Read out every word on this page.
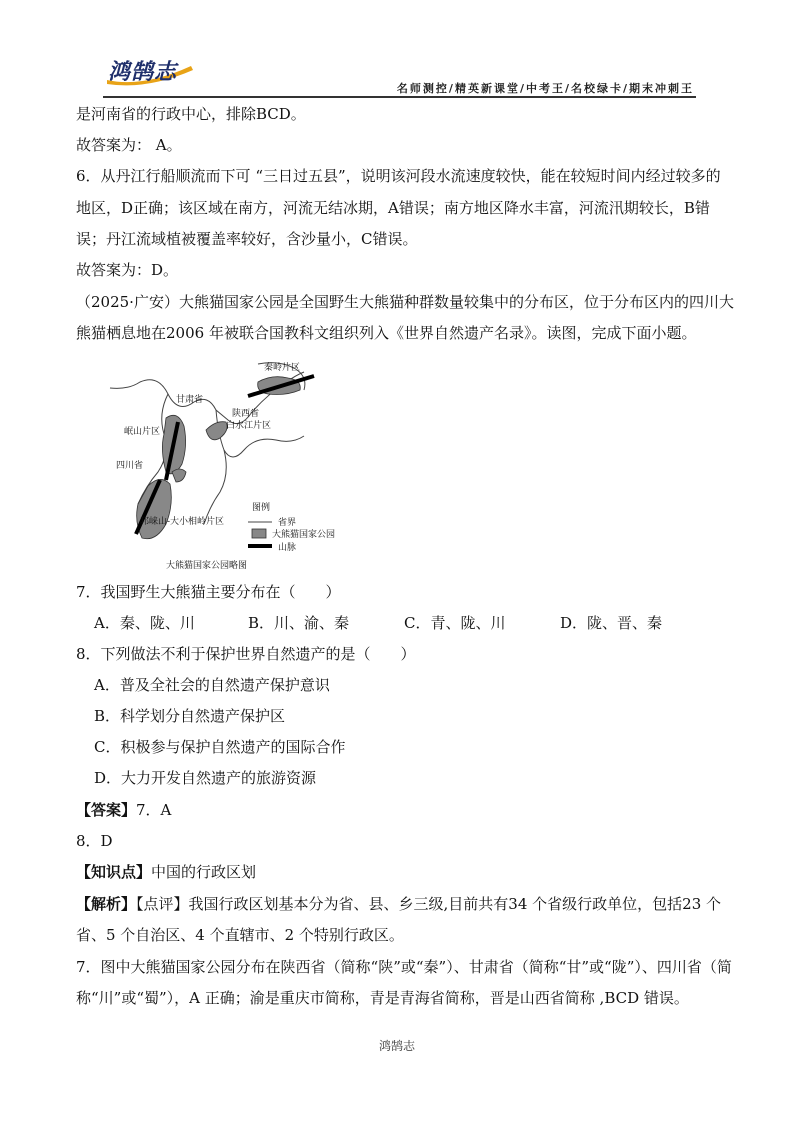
鸿鹄志
名师测控/精英新课堂/中考王/名校绿卡/期末冲刺王
是河南省的行政中心，排除BCD。
故答案为： A。
6．从丹江行船顺流而下可 “三日过五县”，说明该河段水流速度较快，能在较短时间内经过较多的
地区，D正确；该区域在南方，河流无结冰期，A错误；南方地区降水丰富，河流汛期较长，B错
误；丹江流域植被覆盖率较好，含沙量小，C错误。
故答案为：D。
（2025·广安）大熊猫国家公园是全国野生大熊猫种群数量较集中的分布区，位于分布区内的四川大
熊猫栖息地在2006 年被联合国教科文组织列入《世界自然遗产名录》。读图，完成下面小题。
秦岭片区
甘肃省
陕西省
白水江片区
岷山片区
四川省
邛崃山-大小相岭片区
图例
省界
大熊猫国家公园
山脉
大熊猫国家公园略图
7．我国野生大熊猫主要分布在（　　）
A．秦、陇、川	B．川、渝、秦	C．青、陇、川	D．陇、晋、秦
8．下列做法不利于保护世界自然遗产的是（　　）
A．普及全社会的自然遗产保护意识
B．科学划分自然遗产保护区
C．积极参与保护自然遗产的国际合作
D．大力开发自然遗产的旅游资源
【答案】7．A
8．D
【知识点】中国的行政区划
【解析】【点评】我国行政区划基本分为省、县、乡三级,目前共有34 个省级行政单位，包括23 个
省、5 个自治区、4 个直辖市、2 个特别行政区。
7．图中大熊猫国家公园分布在陕西省（简称“陕”或“秦”）、甘肃省（简称“甘”或“陇”）、四川省（简
称“川”或“蜀”），A 正确；渝是重庆市简称，青是青海省简称，晋是山西省简称 ,BCD 错误。
鸿鹄志
